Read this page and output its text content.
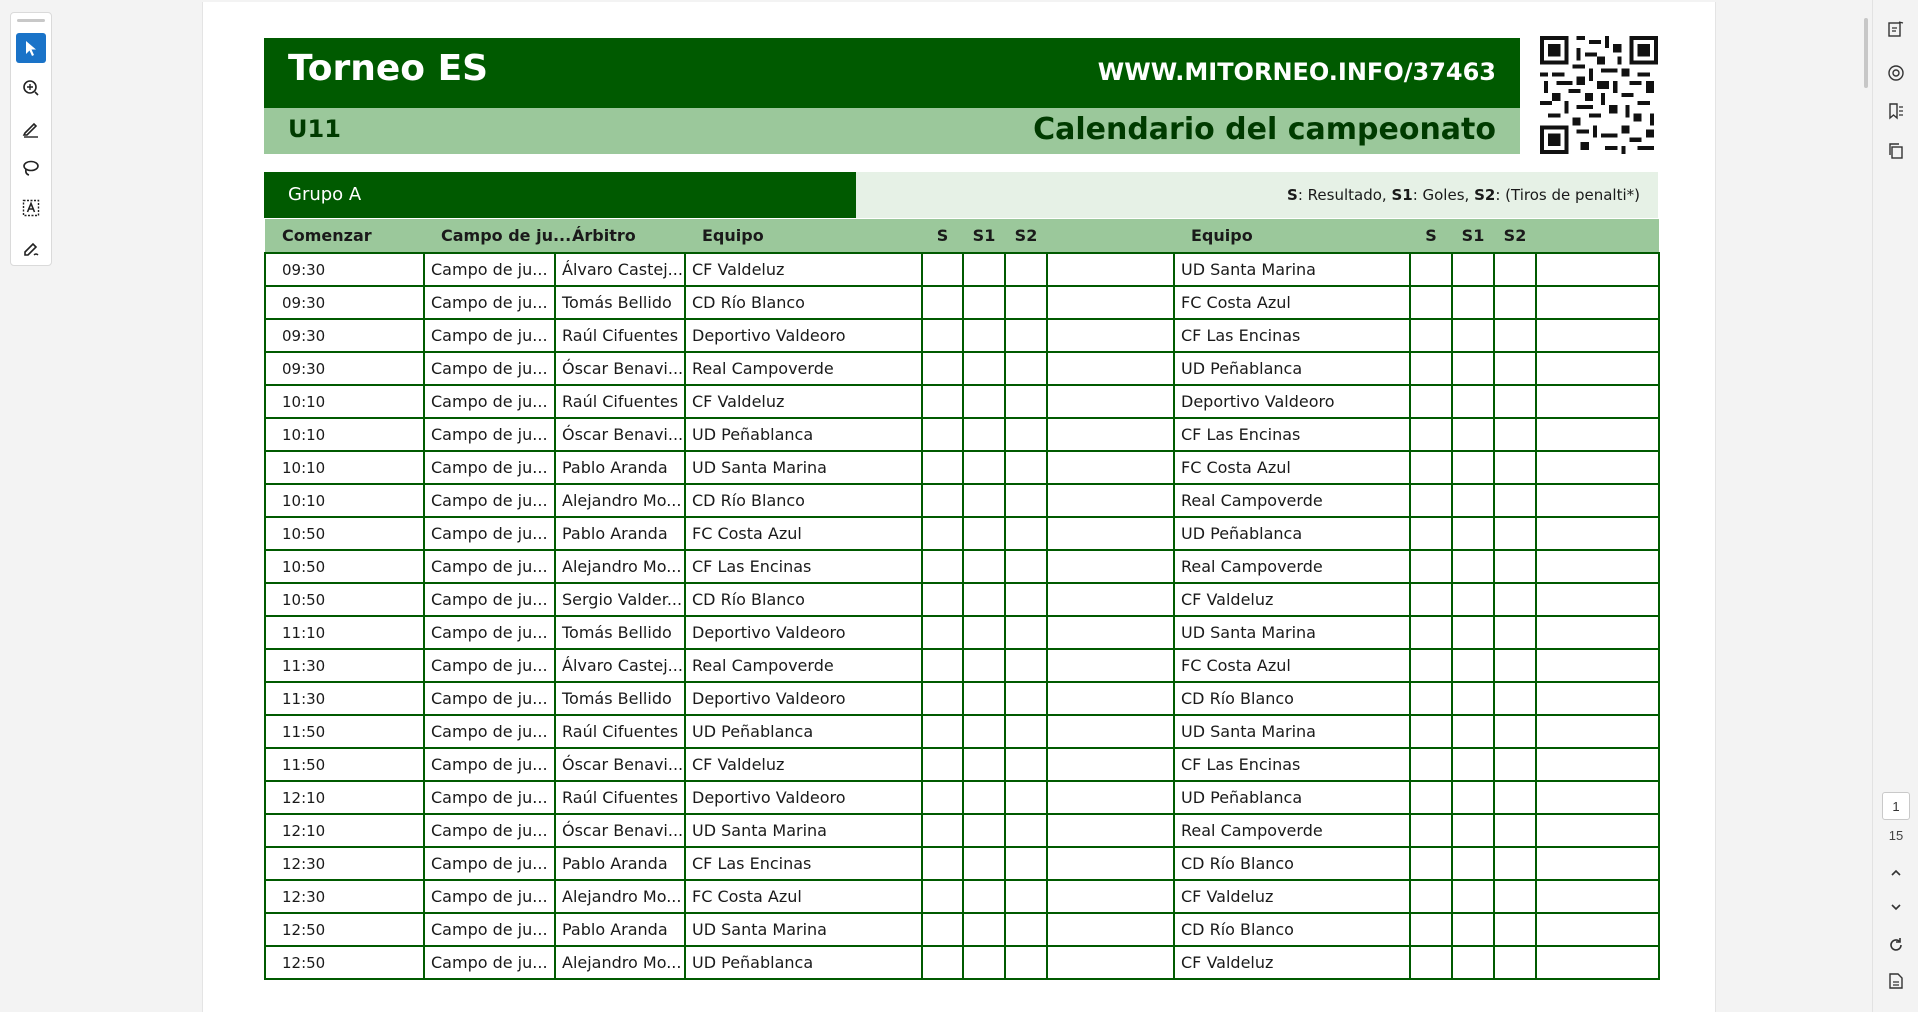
Torneo ES	WWW.MITORNEO.INFO/37463
U11	Calendario del campeonato
Grupo A	S: Resultado, S1: Goles, S2: (Tiros de penalti*)
Comenzar	Campo de ju...	Árbitro	Equipo	S	S1	S2		Equipo	S	S1	S2	
09:30	Campo de ju...	Álvaro Castej...	CF Valdeluz					UD Santa Marina				
09:30	Campo de ju...	Tomás Bellido	CD Río Blanco					FC Costa Azul				
09:30	Campo de ju...	Raúl Cifuentes	Deportivo Valdeoro					CF Las Encinas				
09:30	Campo de ju...	Óscar Benavi...	Real Campoverde					UD Peñablanca				
10:10	Campo de ju...	Raúl Cifuentes	CF Valdeluz					Deportivo Valdeoro				
10:10	Campo de ju...	Óscar Benavi...	UD Peñablanca					CF Las Encinas				
10:10	Campo de ju...	Pablo Aranda	UD Santa Marina					FC Costa Azul				
10:10	Campo de ju...	Alejandro Mo...	CD Río Blanco					Real Campoverde				
10:50	Campo de ju...	Pablo Aranda	FC Costa Azul					UD Peñablanca				
10:50	Campo de ju...	Alejandro Mo...	CF Las Encinas					Real Campoverde				
10:50	Campo de ju...	Sergio Valder...	CD Río Blanco					CF Valdeluz				
11:10	Campo de ju...	Tomás Bellido	Deportivo Valdeoro					UD Santa Marina				
11:30	Campo de ju...	Álvaro Castej...	Real Campoverde					FC Costa Azul				
11:30	Campo de ju...	Tomás Bellido	Deportivo Valdeoro					CD Río Blanco				
11:50	Campo de ju...	Raúl Cifuentes	UD Peñablanca					UD Santa Marina				
11:50	Campo de ju...	Óscar Benavi...	CF Valdeluz					CF Las Encinas				
12:10	Campo de ju...	Raúl Cifuentes	Deportivo Valdeoro					UD Peñablanca				
12:10	Campo de ju...	Óscar Benavi...	UD Santa Marina					Real Campoverde				
12:30	Campo de ju...	Pablo Aranda	CF Las Encinas					CD Río Blanco				
12:30	Campo de ju...	Alejandro Mo...	FC Costa Azul					CF Valdeluz				
12:50	Campo de ju...	Pablo Aranda	UD Santa Marina					CD Río Blanco				
12:50	Campo de ju...	Alejandro Mo...	UD Peñablanca					CF Valdeluz				
1
15
